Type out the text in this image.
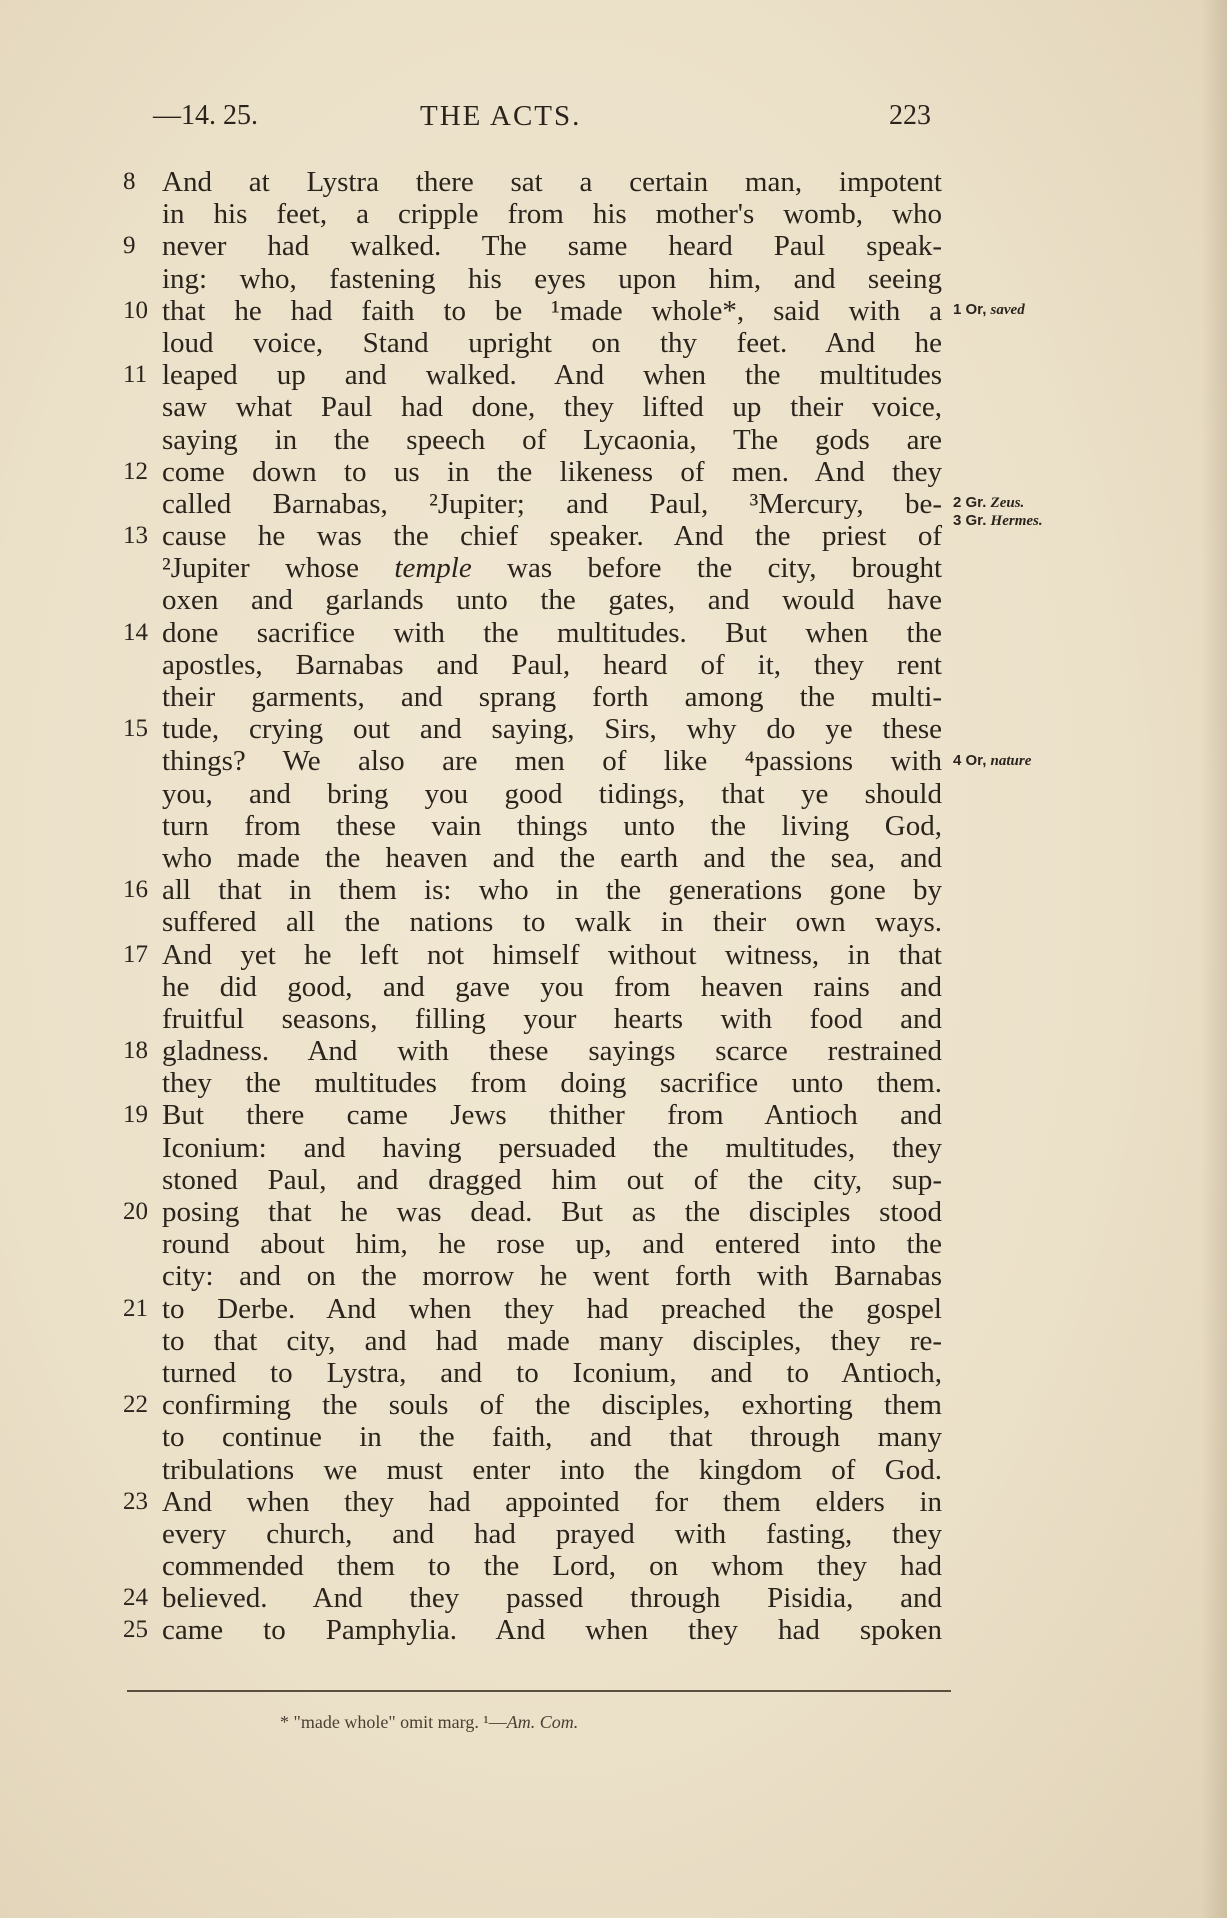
—14. 25.	THE ACTS.	223
8 And at Lystra there sat a certain man, impotent
in his feet, a cripple from his mother's womb, who
9 never had walked. The same heard Paul speak-
ing: who, fastening his eyes upon him, and seeing
10 that he had faith to be ¹made whole*, said with a
loud voice, Stand upright on thy feet. And he
11 leaped up and walked. And when the multitudes
saw what Paul had done, they lifted up their voice,
saying in the speech of Lycaonia, The gods are
12 come down to us in the likeness of men. And they
called Barnabas, ²Jupiter; and Paul, ³Mercury, be-
13 cause he was the chief speaker. And the priest of
²Jupiter whose temple was before the city, brought
oxen and garlands unto the gates, and would have
14 done sacrifice with the multitudes. But when the
apostles, Barnabas and Paul, heard of it, they rent
their garments, and sprang forth among the multi-
15 tude, crying out and saying, Sirs, why do ye these
things? We also are men of like ⁴passions with
you, and bring you good tidings, that ye should
turn from these vain things unto the living God,
who made the heaven and the earth and the sea, and
16 all that in them is: who in the generations gone by
suffered all the nations to walk in their own ways.
17 And yet he left not himself without witness, in that
he did good, and gave you from heaven rains and
fruitful seasons, filling your hearts with food and
18 gladness. And with these sayings scarce restrained
they the multitudes from doing sacrifice unto them.
19 But there came Jews thither from Antioch and
Iconium: and having persuaded the multitudes, they
stoned Paul, and dragged him out of the city, sup-
20 posing that he was dead. But as the disciples stood
round about him, he rose up, and entered into the
city: and on the morrow he went forth with Barnabas
21 to Derbe. And when they had preached the gospel
to that city, and had made many disciples, they re-
turned to Lystra, and to Iconium, and to Antioch,
22 confirming the souls of the disciples, exhorting them
to continue in the faith, and that through many
tribulations we must enter into the kingdom of God.
23 And when they had appointed for them elders in
every church, and had prayed with fasting, they
commended them to the Lord, on whom they had
24 believed. And they passed through Pisidia, and
25 came to Pamphylia. And when they had spoken
1 Or, saved
2 Gr. Zeus.
3 Gr. Hermes.
4 Or, nature
* "made whole" omit marg. ¹—Am. Com.
